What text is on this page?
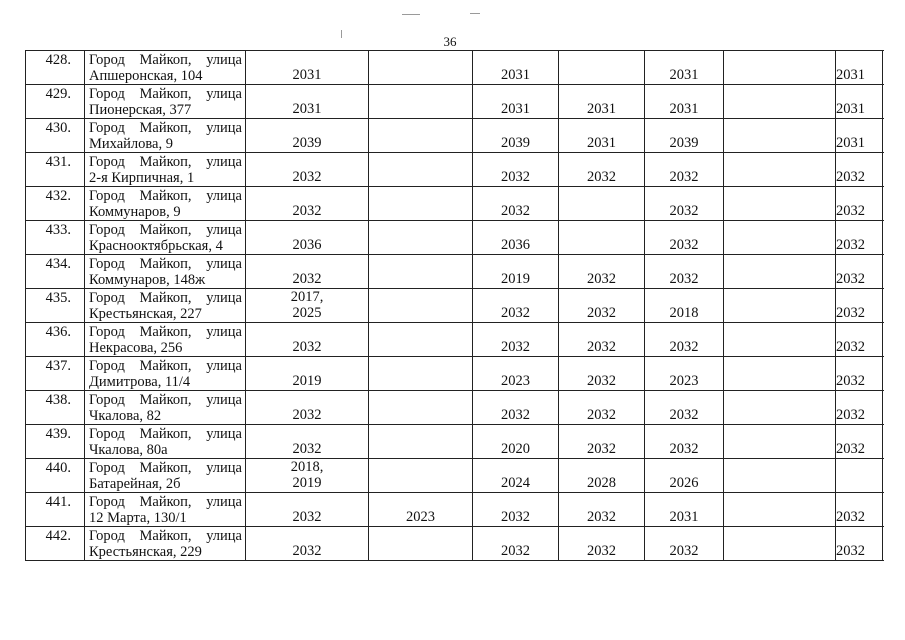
36
428.	Город Майкоп, улица
Апшеронская, 104	2031		2031		2031		2031
429.	Город Майкоп, улица
Пионерская, 377	2031		2031	2031	2031		2031
430.	Город Майкоп, улица
Михайлова, 9	2039		2039	2031	2039		2031
431.	Город Майкоп, улица
2-я Кирпичная, 1	2032		2032	2032	2032		2032
432.	Город Майкоп, улица
Коммунаров, 9	2032		2032		2032		2032
433.	Город Майкоп, улица
Краснооктябрьская, 4	2036		2036		2032		2032
434.	Город Майкоп, улица
Коммунаров, 148ж	2032		2019	2032	2032		2032
435.	Город Майкоп, улица
Крестьянская, 227	2017,
2025		2032	2032	2018		2032
436.	Город Майкоп, улица
Некрасова, 256	2032		2032	2032	2032		2032
437.	Город Майкоп, улица
Димитрова, 11/4	2019		2023	2032	2023		2032
438.	Город Майкоп, улица
Чкалова, 82	2032		2032	2032	2032		2032
439.	Город Майкоп, улица
Чкалова, 80а	2032		2020	2032	2032		2032
440.	Город Майкоп, улица
Батарейная, 2б	2018,
2019		2024	2028	2026		
441.	Город Майкоп, улица
12 Марта, 130/1	2032	2023	2032	2032	2031		2032
442.	Город Майкоп, улица
Крестьянская, 229	2032		2032	2032	2032		2032
